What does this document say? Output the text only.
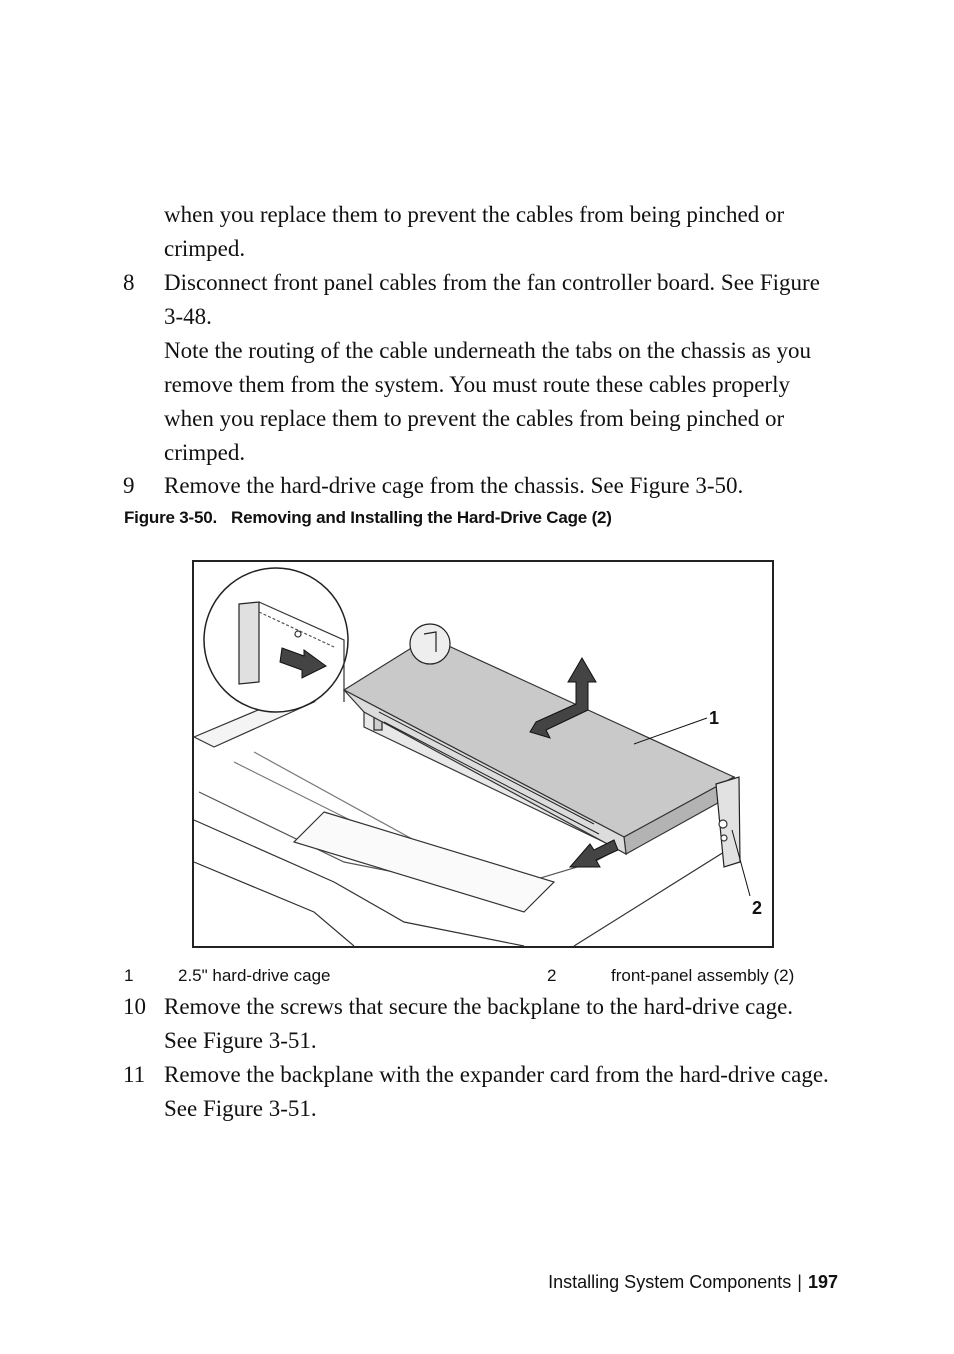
when you replace them to prevent the cables from being pinched or
crimped.
8 Disconnect front panel cables from the fan controller board. See Figure
3-48.
Note the routing of the cable underneath the tabs on the chassis as you
remove them from the system. You must route these cables properly
when you replace them to prevent the cables from being pinched or
crimped.
9 Remove the hard-drive cage from the chassis. See Figure 3-50.
Figure 3-50. Removing and Installing the Hard-Drive Cage (2)
1
2
1	2.5" hard-drive cage	2	front-panel assembly (2)
10 Remove the screws that secure the backplane to the hard-drive cage.
See Figure 3-51.
11 Remove the backplane with the expander card from the hard-drive cage.
See Figure 3-51.
Installing System Components | 197
